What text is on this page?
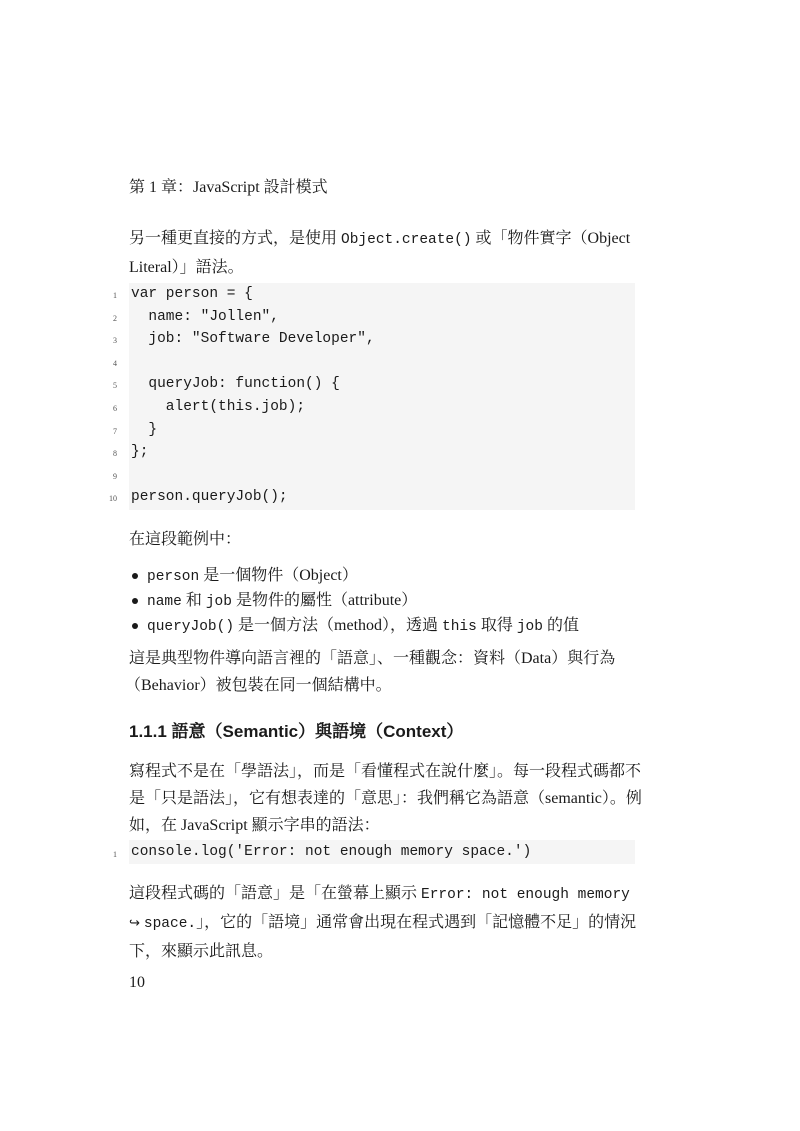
第 1 章：JavaScript 設計模式
另一種更直接的方式，是使用 Object.create() 或「物件實字（Object
Literal）」語法。
1 var person = {
2 name: "Jollen",
3 job: "Software Developer",
4
5 queryJob: function() {
6 alert(this.job);
7 }
8 };
9
10 person.queryJob();
在這段範例中：
person 是一個物件（Object）
name 和 job 是物件的屬性（attribute）
queryJob() 是一個方法（method），透過 this 取得 job 的值
這是典型物件導向語言裡的「語意」、一種觀念：資料（Data）與行為
（Behavior）被包裝在同一個結構中。
1.1.1 語意（Semantic）與語境（Context）
寫程式不是在「學語法」，而是「看懂程式在說什麼」。每一段程式碼都不
是「只是語法」，它有想表達的「意思」：我們稱它為語意（semantic）。例
如，在 JavaScript 顯示字串的語法：
1 console.log('Error: not enough memory space.')
這段程式碼的「語意」是「在螢幕上顯示 Error: not enough memory
↪ space.」，它的「語境」通常會出現在程式遇到「記憶體不足」的情況
下，來顯示此訊息。
10
